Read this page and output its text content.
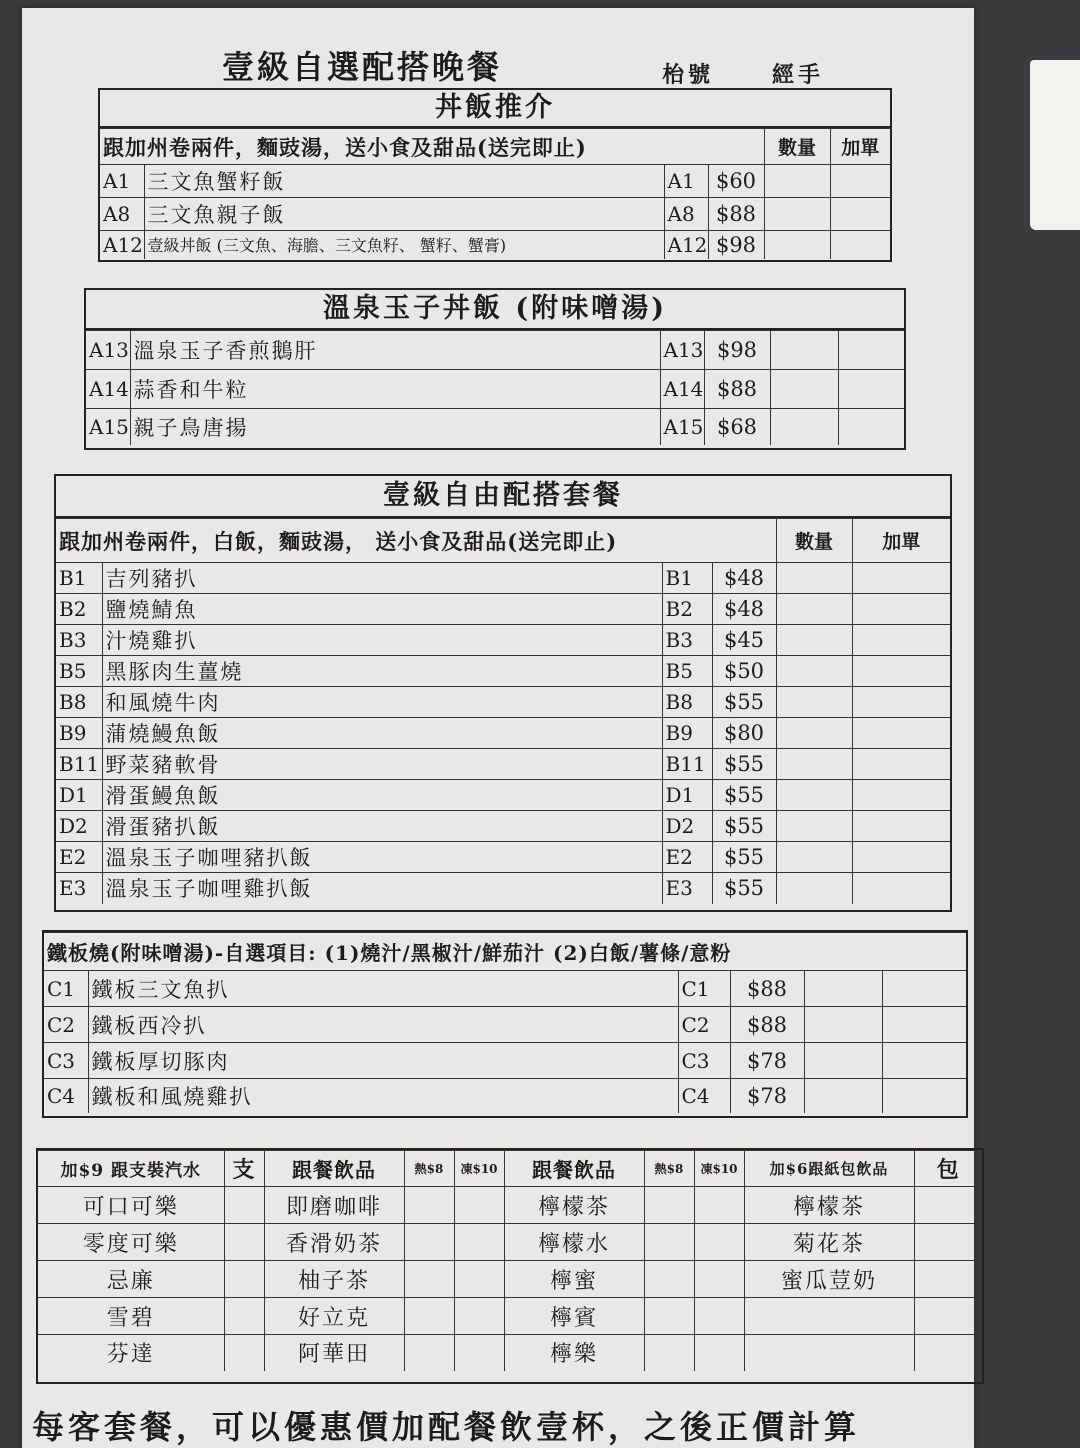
壹級自選配搭晚餐	枱號	經手
丼飯推介
跟加州卷兩件，麵豉湯，送小食及甜品(送完即止)				數量	加單
A1	三文魚蟹籽飯	A1	$60		
A8	三文魚親子飯	A8	$88		
A12	壹級丼飯 (三文魚、海膽、三文魚籽、 蟹籽、蟹膏)	A12	$98		
溫泉玉子丼飯 (附味噌湯)
A13	溫泉玉子香煎鵝肝	A13	$98		
A14	蒜香和牛粒	A14	$88		
A15	親子鳥唐揚	A15	$68		
壹級自由配搭套餐
跟加州卷兩件，白飯，麵豉湯， 送小食及甜品(送完即止)				數量	加單
B1	吉列豬扒	B1	$48		
B2	鹽燒鯖魚	B2	$48		
B3	汁燒雞扒	B3	$45		
B5	黑豚肉生薑燒	B5	$50		
B8	和風燒牛肉	B8	$55		
B9	蒲燒鰻魚飯	B9	$80		
B11	野菜豬軟骨	B11	$55		
D1	滑蛋鰻魚飯	D1	$55		
D2	滑蛋豬扒飯	D2	$55		
E2	溫泉玉子咖哩豬扒飯	E2	$55		
E3	溫泉玉子咖哩雞扒飯	E3	$55		
鐵板燒(附味噌湯)-自選項目: (1)燒汁/黑椒汁/鮮茄汁 (2)白飯/薯條/意粉					
C1	鐵板三文魚扒	C1	$88		
C2	鐵板西冷扒	C2	$88		
C3	鐵板厚切豚肉	C3	$78		
C4	鐵板和風燒雞扒	C4	$78		
加$9 跟支裝汽水	支	跟餐飲品	熱$8	凍$10	跟餐飲品	熱$8	凍$10	加$6跟紙包飲品	包
可口可樂		即磨咖啡			檸檬茶			檸檬茶	
零度可樂		香滑奶茶			檸檬水			菊花茶	
忌廉		柚子茶			檸蜜			蜜瓜荳奶	
雪碧		好立克			檸賓				
芬達		阿華田			檸樂				
每客套餐，可以優惠價加配餐飲壹杯，之後正價計算
